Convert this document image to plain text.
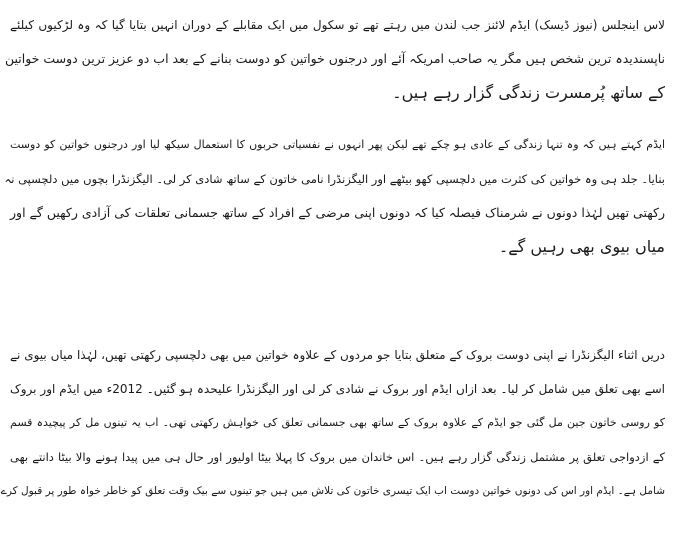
لاس اینجلس (نیوز ڈیسک) ایڈم لائنز جب لندن میں رہتے تھے تو سکول میں ایک مقابلے کے دوران انہیں بتایا گیا کہ وہ لڑکیوں کیلئے
ناپسندیدہ ترین شخص ہیں مگر یہ صاحب امریکہ آئے اور درجنوں خواتین کو دوست بنانے کے بعد اب دو عزیز ترین دوست خواتین
کے ساتھ پُرمسرت زندگی گزار رہے ہیں۔
ایڈم کہتے ہیں کہ وہ تنہا زندگی کے عادی ہو چکے تھے لیکن پھر انہوں نے نفسیاتی حربوں کا استعمال سیکھ لیا اور درجنوں خواتین کو دوست
بنایا۔ جلد ہی وہ خواتین کی کثرت میں دلچسپی کھو بیٹھے اور الیگزنڈرا نامی خاتون کے ساتھ شادی کر لی۔ الیگزنڈرا بچوں میں دلچسپی نہ
رکھتی تھیں لہٰذا دونوں نے شرمناک فیصلہ کیا کہ دونوں اپنی مرضی کے افراد کے ساتھ جسمانی تعلقات کی آزادی رکھیں گے اور
میاں بیوی بھی رہیں گے۔
دریں اثناء الیگزنڈرا نے اپنی دوست بروک کے متعلق بتایا جو مردوں کے علاوہ خواتین میں بھی دلچسپی رکھتی تھیں، لہٰذا میاں بیوی نے
اسے بھی تعلق میں شامل کر لیا۔ بعد ازاں ایڈم اور بروک نے شادی کر لی اور الیگزنڈرا علیحدہ ہو گئیں۔ 2012ء میں ایڈم اور بروک
کو روسی خاتون جین مل گئی جو ایڈم کے علاوہ بروک کے ساتھ بھی جسمانی تعلق کی خواہش رکھتی تھی۔ اب یہ تینوں مل کر پیچیدہ قسم
کے ازدواجی تعلق پر مشتمل زندگی گزار رہے ہیں۔ اس خاندان میں بروک کا پہلا بیٹا اولیور اور حال ہی میں پیدا ہونے والا بیٹا دانتے بھی
شامل ہے۔ ایڈم اور اس کی دونوں خواتین دوست اب ایک تیسری خاتون کی تلاش میں ہیں جو تینوں سے بیک وقت تعلق کو خاطر خواہ طور پر قبول کرے
